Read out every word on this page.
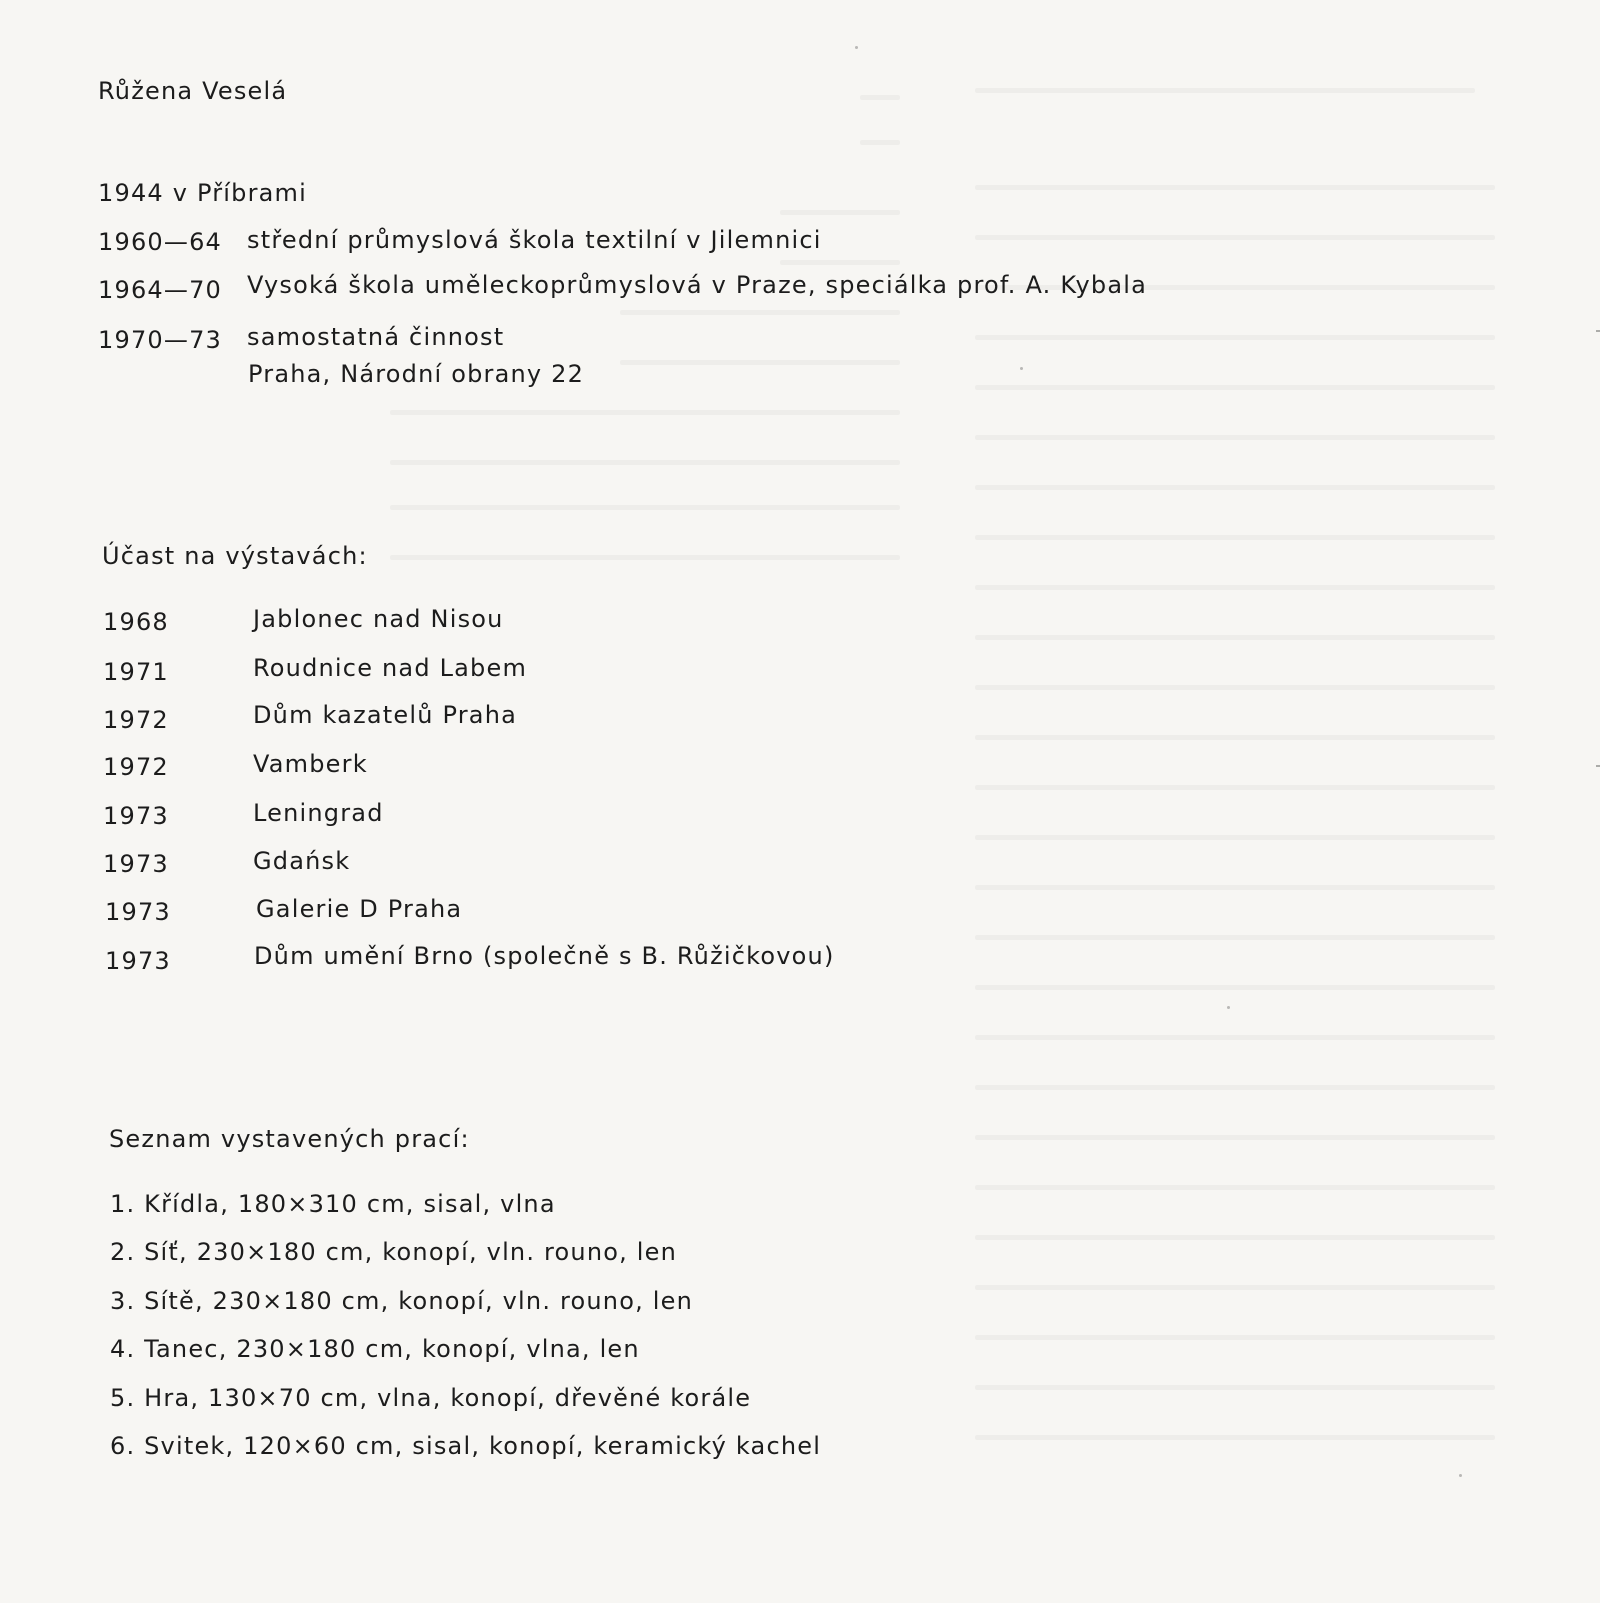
Růžena Veselá
1944 v Příbrami
1960—64 střední průmyslová škola textilní v Jilemnici
1964—70 Vysoká škola uměleckoprůmyslová v Praze, speciálka prof. A. Kybala
1970—73 samostatná činnost
Praha, Národní obrany 22
Účast na výstavách:
1968	Jablonec nad Nisou
1971	Roudnice nad Labem
1972	Dům kazatelů Praha
1972	Vamberk
1973	Leningrad
1973	Gdańsk
1973	Galerie D Praha
1973	Dům umění Brno (společně s B. Růžičkovou)
Seznam vystavených prací:
1. Křídla, 180×310 cm, sisal, vlna
2. Síť, 230×180 cm, konopí, vln. rouno, len
3. Sítě, 230×180 cm, konopí, vln. rouno, len
4. Tanec, 230×180 cm, konopí, vlna, len
5. Hra, 130×70 cm, vlna, konopí, dřevěné korále
6. Svitek, 120×60 cm, sisal, konopí, keramický kachel
